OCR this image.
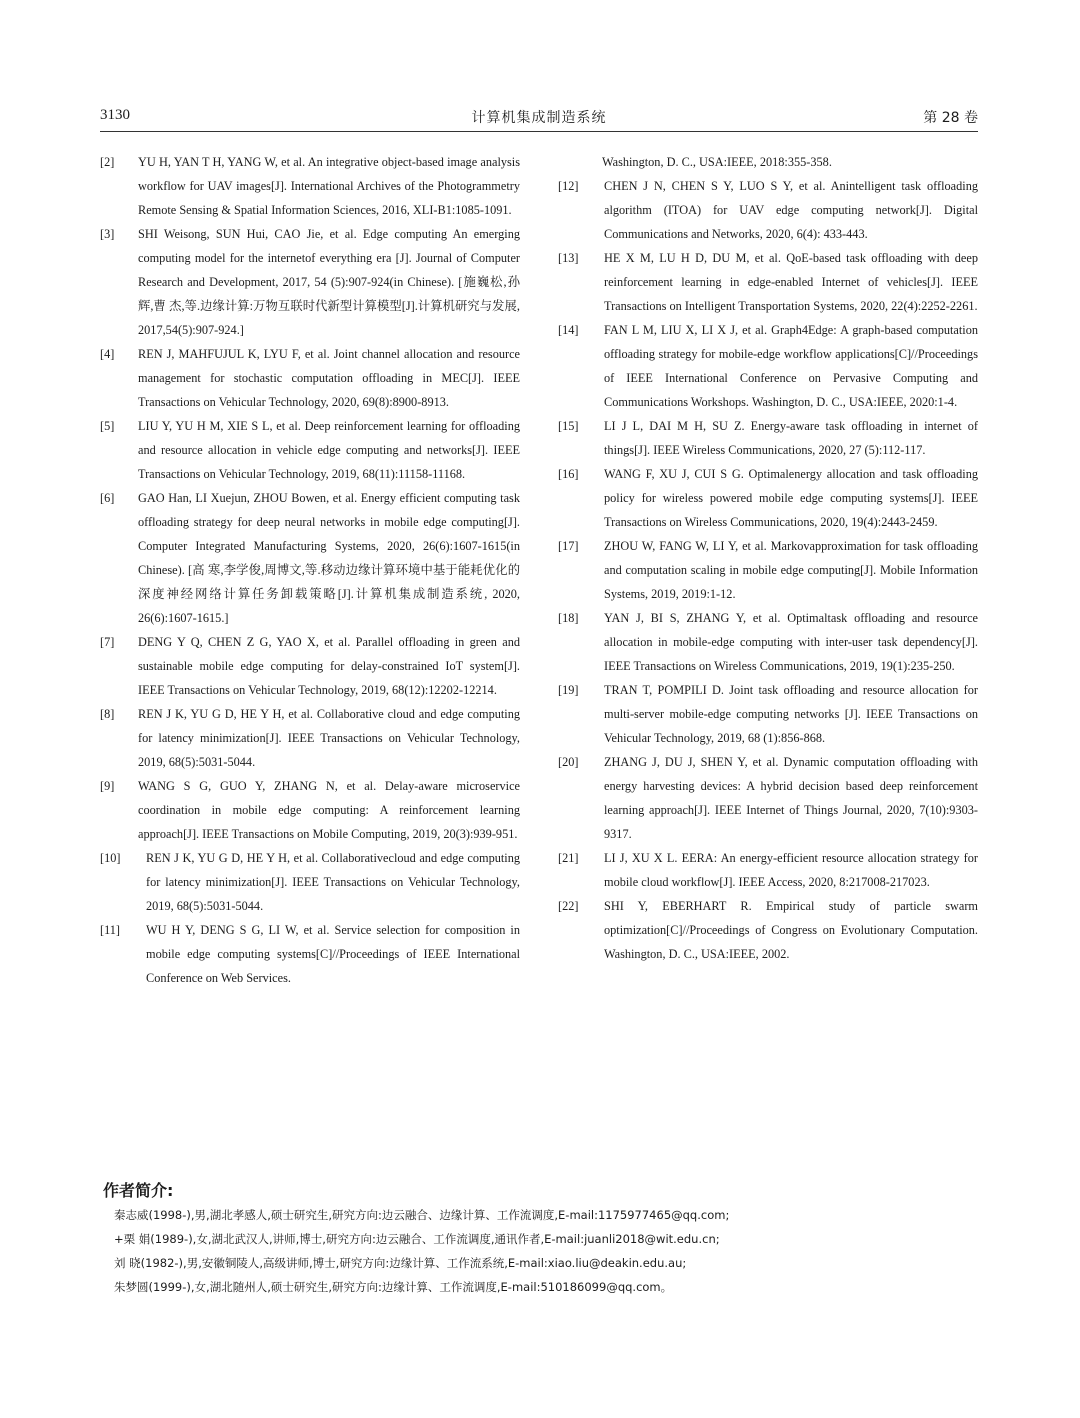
3130	计算机集成制造系统	第 28 卷
[2] YU H, YAN T H, YANG W, et al. An integrative object-based image analysis workflow for UAV images[J]. International Archives of the Photogrammetry Remote Sensing & Spatial Information Sciences, 2016, XLI-B1:1085-1091.
[3] SHI Weisong, SUN Hui, CAO Jie, et al. Edge computing An emerging computing model for the internetof everything era [J]. Journal of Computer Research and Development, 2017, 54 (5):907-924(in Chinese). [施巍松,孙 辉,曹 杰,等.边缘计算:万物互联时代新型计算模型[J].计算机研究与发展, 2017,54(5):907-924.]
[4] REN J, MAHFUJUL K, LYU F, et al. Joint channel allocation and resource management for stochastic computation offloading in MEC[J]. IEEE Transactions on Vehicular Technology, 2020, 69(8):8900-8913.
[5] LIU Y, YU H M, XIE S L, et al. Deep reinforcement learning for offloading and resource allocation in vehicle edge computing and networks[J]. IEEE Transactions on Vehicular Technology, 2019, 68(11):11158-11168.
[6] GAO Han, LI Xuejun, ZHOU Bowen, et al. Energy efficient computing task offloading strategy for deep neural networks in mobile edge computing[J]. Computer Integrated Manufacturing Systems, 2020, 26(6):1607-1615(in Chinese). [高 寒,李学俊,周博文,等.移动边缘计算环境中基于能耗优化的深度神经网络计算任务卸载策略[J].计算机集成制造系统, 2020, 26(6):1607-1615.]
[7] DENG Y Q, CHEN Z G, YAO X, et al. Parallel offloading in green and sustainable mobile edge computing for delay-constrained IoT system[J]. IEEE Transactions on Vehicular Technology, 2019, 68(12):12202-12214.
[8] REN J K, YU G D, HE Y H, et al. Collaborative cloud and edge computing for latency minimization[J]. IEEE Transactions on Vehicular Technology, 2019, 68(5):5031-5044.
[9] WANG S G, GUO Y, ZHANG N, et al. Delay-aware microservice coordination in mobile edge computing: A reinforcement learning approach[J]. IEEE Transactions on Mobile Computing, 2019, 20(3):939-951.
[10] REN J K, YU G D, HE Y H, et al. Collaborativecloud and edge computing for latency minimization[J]. IEEE Transactions on Vehicular Technology, 2019, 68(5):5031-5044.
[11] WU H Y, DENG S G, LI W, et al. Service selection for composition in mobile edge computing systems[C]//Proceedings of IEEE International Conference on Web Services.
Washington, D. C., USA:IEEE, 2018:355-358.
[12] CHEN J N, CHEN S Y, LUO S Y, et al. Anintelligent task offloading algorithm (ITOA) for UAV edge computing network[J]. Digital Communications and Networks, 2020, 6(4): 433-443.
[13] HE X M, LU H D, DU M, et al. QoE-based task offloading with deep reinforcement learning in edge-enabled Internet of vehicles[J]. IEEE Transactions on Intelligent Transportation Systems, 2020, 22(4):2252-2261.
[14] FAN L M, LIU X, LI X J, et al. Graph4Edge: A graph-based computation offloading strategy for mobile-edge workflow applications[C]//Proceedings of IEEE International Conference on Pervasive Computing and Communications Workshops. Washington, D. C., USA:IEEE, 2020:1-4.
[15] LI J L, DAI M H, SU Z. Energy-aware task offloading in internet of things[J]. IEEE Wireless Communications, 2020, 27 (5):112-117.
[16] WANG F, XU J, CUI S G. Optimalenergy allocation and task offloading policy for wireless powered mobile edge computing systems[J]. IEEE Transactions on Wireless Communications, 2020, 19(4):2443-2459.
[17] ZHOU W, FANG W, LI Y, et al. Markovapproximation for task offloading and computation scaling in mobile edge computing[J]. Mobile Information Systems, 2019, 2019:1-12.
[18] YAN J, BI S, ZHANG Y, et al. Optimaltask offloading and resource allocation in mobile-edge computing with inter-user task dependency[J]. IEEE Transactions on Wireless Communications, 2019, 19(1):235-250.
[19] TRAN T, POMPILI D. Joint task offloading and resource allocation for multi-server mobile-edge computing networks [J]. IEEE Transactions on Vehicular Technology, 2019, 68 (1):856-868.
[20] ZHANG J, DU J, SHEN Y, et al. Dynamic computation offloading with energy harvesting devices: A hybrid decision based deep reinforcement learning approach[J]. IEEE Internet of Things Journal, 2020, 7(10):9303-9317.
[21] LI J, XU X L. EERA: An energy-efficient resource allocation strategy for mobile cloud workflow[J]. IEEE Access, 2020, 8:217008-217023.
[22] SHI Y, EBERHART R. Empirical study of particle swarm optimization[C]//Proceedings of Congress on Evolutionary Computation. Washington, D. C., USA:IEEE, 2002.
作者简介:
秦志威(1998-),男,湖北孝感人,硕士研究生,研究方向:边云融合、边缘计算、工作流调度,E-mail:1175977465@qq.com;
+栗 娟(1989-),女,湖北武汉人,讲师,博士,研究方向:边云融合、工作流调度,通讯作者,E-mail:juanli2018@wit.edu.cn;
刘 晓(1982-),男,安徽铜陵人,高级讲师,博士,研究方向:边缘计算、工作流系统,E-mail:xiao.liu@deakin.edu.au;
朱梦圆(1999-),女,湖北随州人,硕士研究生,研究方向:边缘计算、工作流调度,E-mail:510186099@qq.com。
